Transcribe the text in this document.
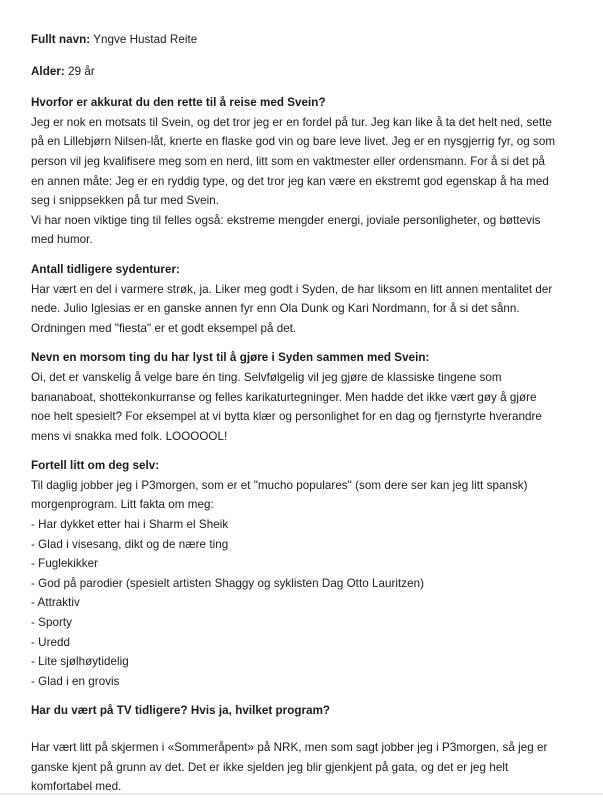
Fullt navn: Yngve Hustad Reite
Alder: 29 år
Hvorfor er akkurat du den rette til å reise med Svein?
Jeg er nok en motsats til Svein, og det tror jeg er en fordel på tur. Jeg kan like å ta det helt ned, sette
på en Lillebjørn Nilsen-låt, knerte en flaske god vin og bare leve livet. Jeg er en nysgjerrig fyr, og som
person vil jeg kvalifisere meg som en nerd, litt som en vaktmester eller ordensmann. For å si det på
en annen måte: Jeg er en ryddig type, og det tror jeg kan være en ekstremt god egenskap å ha med
seg i snippsekken på tur med Svein.
Vi har noen viktige ting til felles også: ekstreme mengder energi, joviale personligheter, og bøttevis
med humor.
Antall tidligere sydenturer:
Har vært en del i varmere strøk, ja. Liker meg godt i Syden, de har liksom en litt annen mentalitet der
nede. Julio Iglesias er en ganske annen fyr enn Ola Dunk og Kari Nordmann, for å si det sånn.
Ordningen med "fiesta" er et godt eksempel på det.
Nevn en morsom ting du har lyst til å gjøre i Syden sammen med Svein:
Oi, det er vanskelig å velge bare én ting. Selvfølgelig vil jeg gjøre de klassiske tingene som
bananaboat, shottekonkurranse og felles karikaturtegninger. Men hadde det ikke vært gøy å gjøre
noe helt spesielt? For eksempel at vi bytta klær og personlighet for en dag og fjernstyrte hverandre
mens vi snakka med folk. LOOOOOL!
Fortell litt om deg selv:
Til daglig jobber jeg i P3morgen, som er et "mucho populares" (som dere ser kan jeg litt spansk)
morgenprogram. Litt fakta om meg:
- Har dykket etter hai i Sharm el Sheik
- Glad i visesang, dikt og de nære ting
- Fuglekikker
- God på parodier (spesielt artisten Shaggy og syklisten Dag Otto Lauritzen)
- Attraktiv
- Sporty
- Uredd
- Lite sjølhøytidelig
- Glad i en grovis
Har du vært på TV tidligere? Hvis ja, hvilket program?
Har vært litt på skjermen i «Sommeråpent» på NRK, men som sagt jobber jeg i P3morgen, så jeg er
ganske kjent på grunn av det. Det er ikke sjelden jeg blir gjenkjent på gata, og det er jeg helt
komfortabel med.
